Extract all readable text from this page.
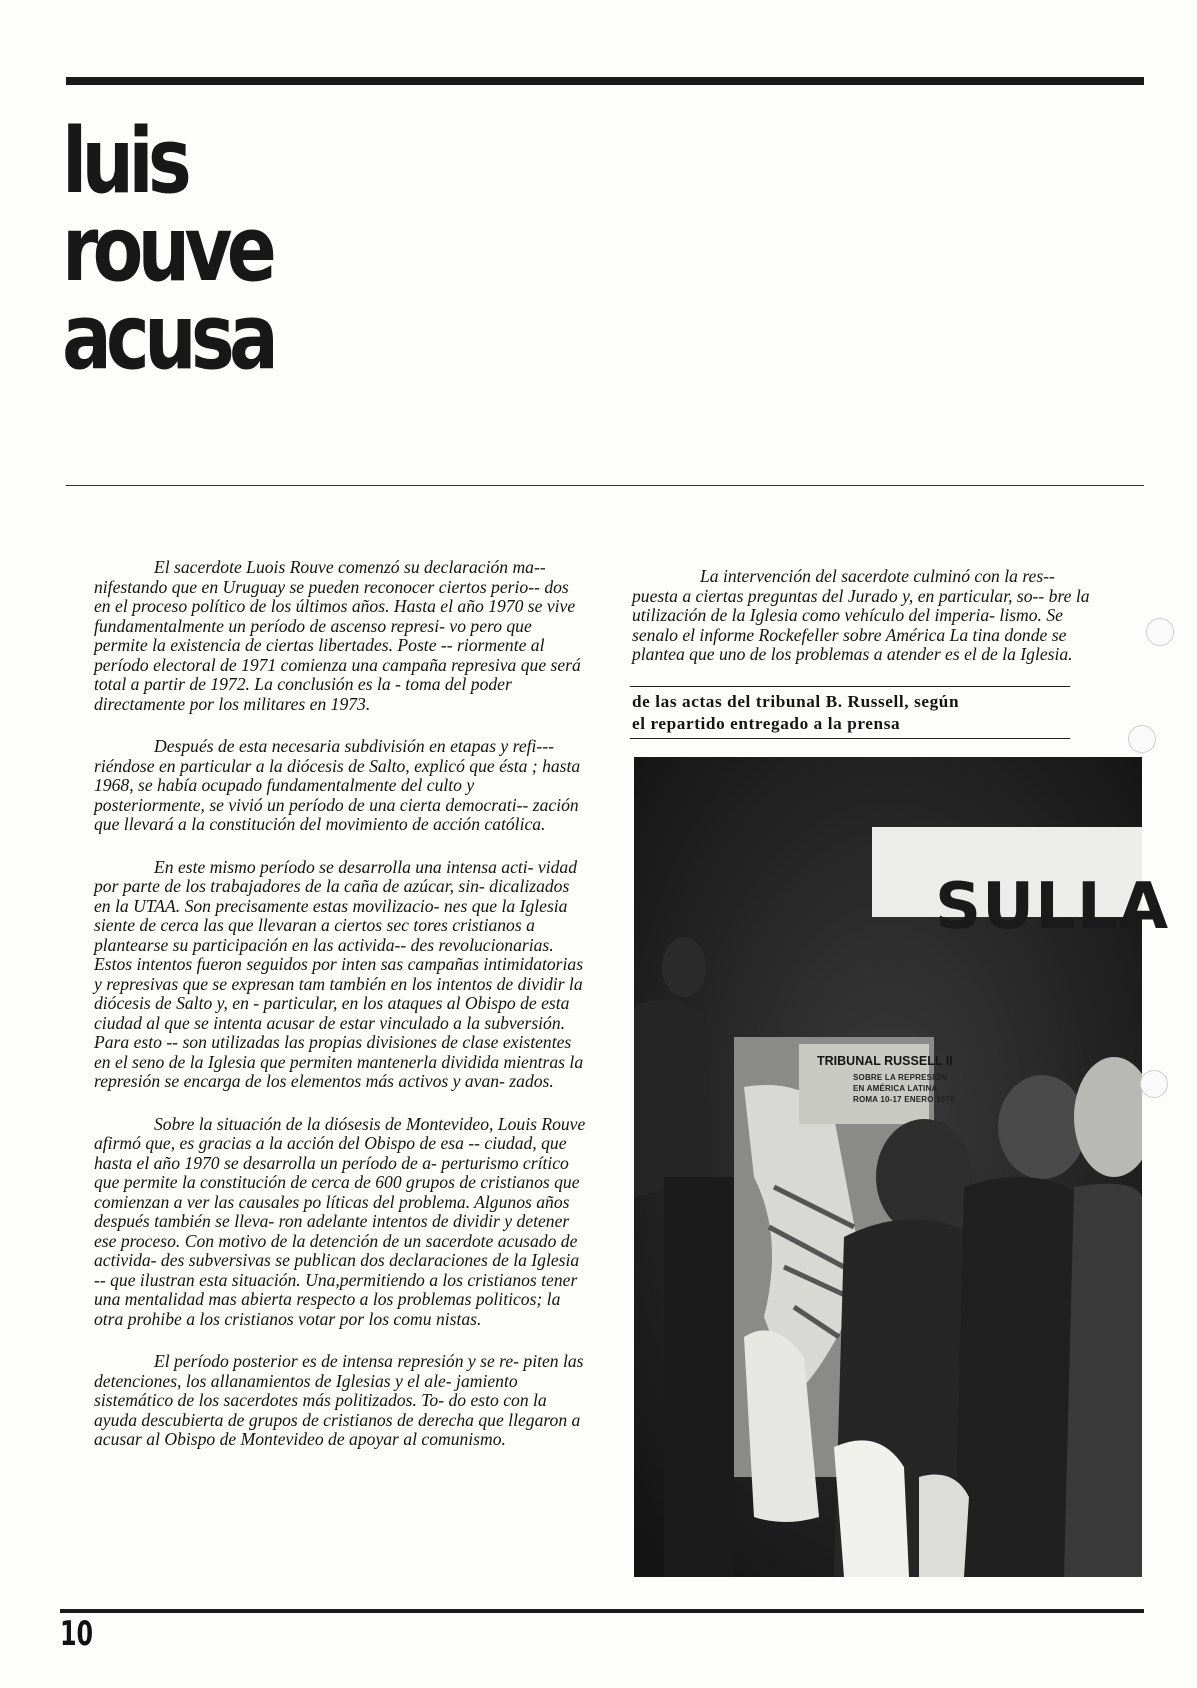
luis
rouve
acusa

El sacerdote Luois Rouve comenzó su declaración ma-- nifestando que en Uruguay se pueden reconocer ciertos perio-- dos en el proceso político de los últimos años. Hasta el año 1970 se vive fundamentalmente un período de ascenso represi- vo pero que permite la existencia de ciertas libertades. Poste -- riormente al período electoral de 1971 comienza una campaña represiva que será total a partir de 1972. La conclusión es la - toma del poder directamente por los militares en 1973.

Después de esta necesaria subdivisión en etapas y refi--- riéndose en particular a la diócesis de Salto, explicó que ésta ; hasta 1968, se había ocupado fundamentalmente del culto y posteriormente, se vivió un período de una cierta democrati-- zación que llevará a la constitución del movimiento de acción católica.

En este mismo período se desarrolla una intensa acti- vidad por parte de los trabajadores de la caña de azúcar, sin- dicalizados en la UTAA. Son precisamente estas movilizacio- nes que la Iglesia siente de cerca las que llevaran a ciertos sec tores cristianos a plantearse su participación en las activida-- des revolucionarias. Estos intentos fueron seguidos por inten sas campañas intimidatorias y represivas que se expresan tam también en los intentos de dividir la diócesis de Salto y, en - particular, en los ataques al Obispo de esta ciudad al que se intenta acusar de estar vinculado a la subversión. Para esto -- son utilizadas las propias divisiones de clase existentes en el seno de la Iglesia que permiten mantenerla dividida mientras la represión se encarga de los elementos más activos y avan- zados.

Sobre la situación de la diósesis de Montevideo, Louis Rouve afirmó que, es gracias a la acción del Obispo de esa -- ciudad, que hasta el año 1970 se desarrolla un período de a- perturismo crítico que permite la constitución de cerca de 600 grupos de cristianos que comienzan a ver las causales po líticas del problema. Algunos años después también se lleva- ron adelante intentos de dividir y detener ese proceso. Con motivo de la detención de un sacerdote acusado de activida- des subversivas se publican dos declaraciones de la Iglesia -- que ilustran esta situación. Una,permitiendo a los cristianos tener una mentalidad mas abierta respecto a los problemas politicos; la otra prohibe a los cristianos votar por los comu nistas.

El período posterior es de intensa represión y se re- piten las detenciones, los allanamientos de Iglesias y el ale- jamiento sistemático de los sacerdotes más politizados. To- do esto con la ayuda descubierta de grupos de cristianos de derecha que llegaron a acusar al Obispo de Montevideo de apoyar al comunismo.

La intervención del sacerdote culminó con la res-- puesta a ciertas preguntas del Jurado y, en particular, so-- bre la utilización de la Iglesia como vehículo del imperia- lismo. Se senalo el informe Rockefeller sobre América La tina donde se plantea que uno de los problemas a atender es el de la Iglesia.

de las actas del tribunal B. Russell, según
el repartido entregado a la prensa
SULLA
TRIBUNAL RUSSELL II
SOBRE LA REPRESIÓN
EN AMÉRICA LATINA
ROMA 10-17 ENERO 1976
10
